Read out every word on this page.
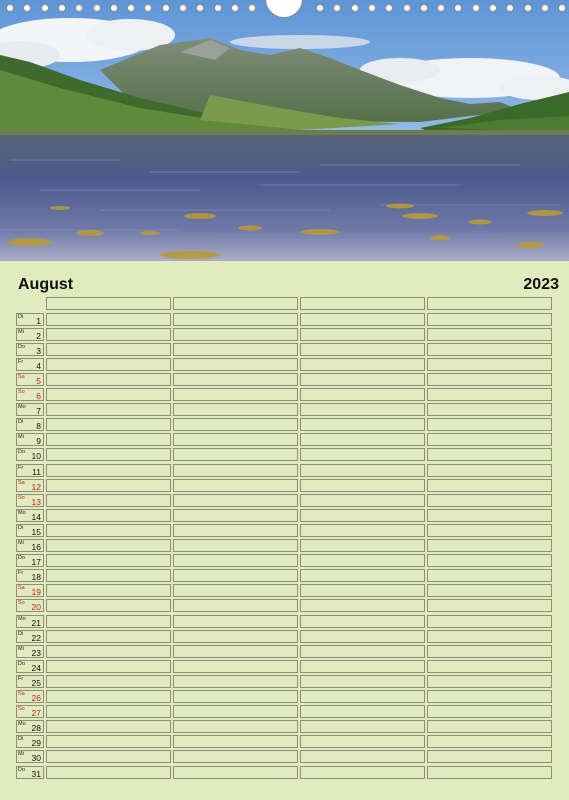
August	2023
Di 1
Mi 2
Do 3
Fr 4
Sa 5
So 6
Mo 7
Di 8
Mi 9
Do 10
Fr 11
Sa 12
So 13
Mo 14
Di 15
Mi 16
Do 17
Fr 18
Sa 19
So 20
Mo 21
Di 22
Mi 23
Do 24
Fr 25
Sa 26
So 27
Mo 28
Di 29
Mi 30
Do 31
